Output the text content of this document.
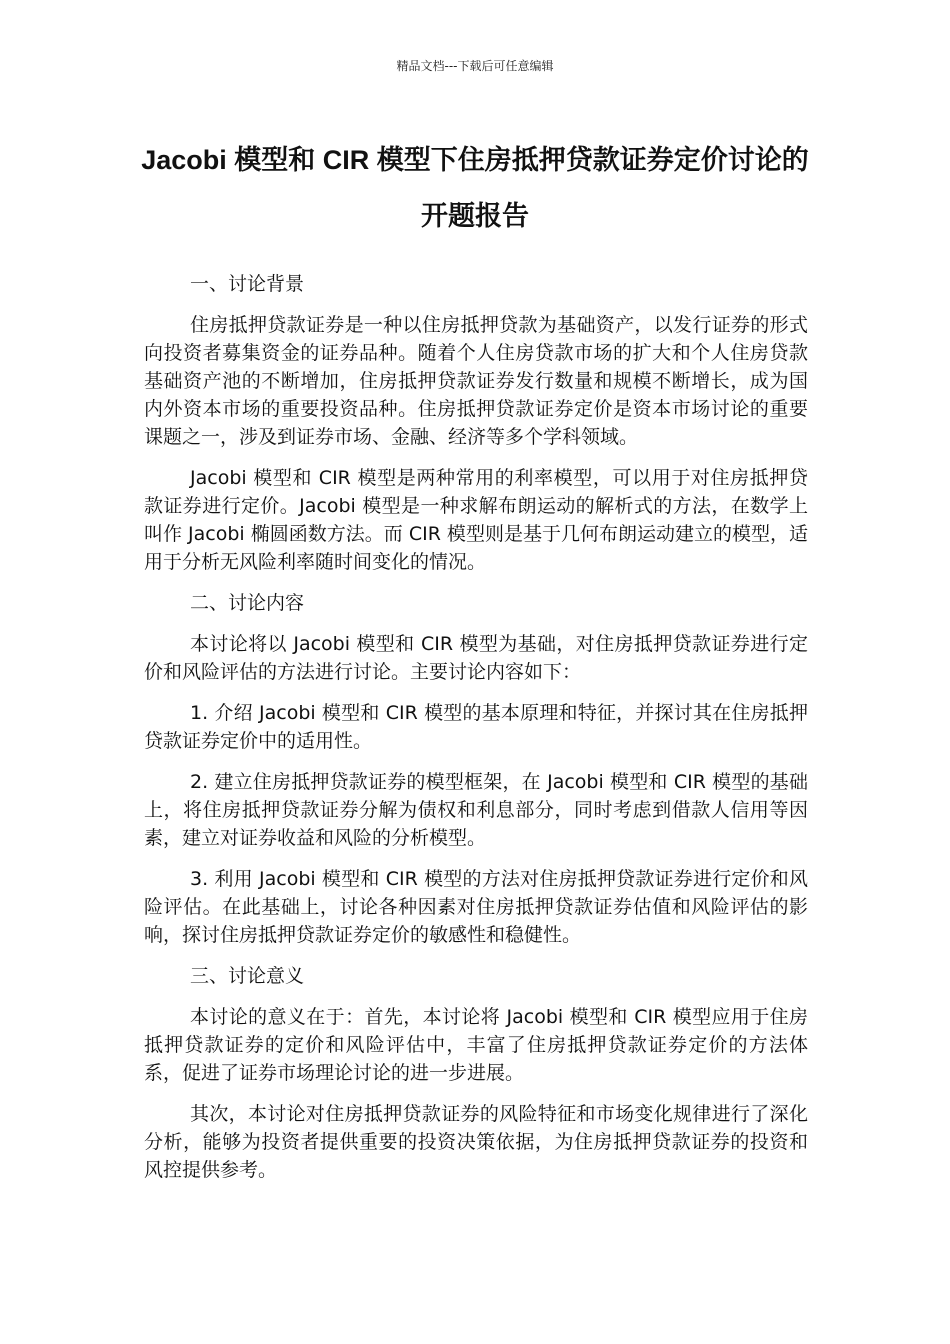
精品文档---下载后可任意编辑
Jacobi 模型和 CIR 模型下住房抵押贷款证券定价讨论的开题报告

一、讨论背景

住房抵押贷款证券是一种以住房抵押贷款为基础资产，以发行证券的形式向投资者募集资金的证券品种。随着个人住房贷款市场的扩大和个人住房贷款基础资产池的不断增加，住房抵押贷款证券发行数量和规模不断增长，成为国内外资本市场的重要投资品种。住房抵押贷款证券定价是资本市场讨论的重要课题之一，涉及到证券市场、金融、经济等多个学科领域。

Jacobi 模型和 CIR 模型是两种常用的利率模型，可以用于对住房抵押贷款证券进行定价。Jacobi 模型是一种求解布朗运动的解析式的方法，在数学上叫作 Jacobi 椭圆函数方法。而 CIR 模型则是基于几何布朗运动建立的模型，适用于分析无风险利率随时间变化的情况。

二、讨论内容

本讨论将以 Jacobi 模型和 CIR 模型为基础，对住房抵押贷款证券进行定价和风险评估的方法进行讨论。主要讨论内容如下：

1. 介绍 Jacobi 模型和 CIR 模型的基本原理和特征，并探讨其在住房抵押贷款证券定价中的适用性。

2. 建立住房抵押贷款证券的模型框架，在 Jacobi 模型和 CIR 模型的基础上，将住房抵押贷款证券分解为债权和利息部分，同时考虑到借款人信用等因素，建立对证券收益和风险的分析模型。

3. 利用 Jacobi 模型和 CIR 模型的方法对住房抵押贷款证券进行定价和风险评估。在此基础上，讨论各种因素对住房抵押贷款证券估值和风险评估的影响，探讨住房抵押贷款证券定价的敏感性和稳健性。

三、讨论意义

本讨论的意义在于：首先，本讨论将 Jacobi 模型和 CIR 模型应用于住房抵押贷款证券的定价和风险评估中，丰富了住房抵押贷款证券定价的方法体系，促进了证券市场理论讨论的进一步进展。

其次，本讨论对住房抵押贷款证券的风险特征和市场变化规律进行了深化分析，能够为投资者提供重要的投资决策依据，为住房抵押贷款证券的投资和风控提供参考。
